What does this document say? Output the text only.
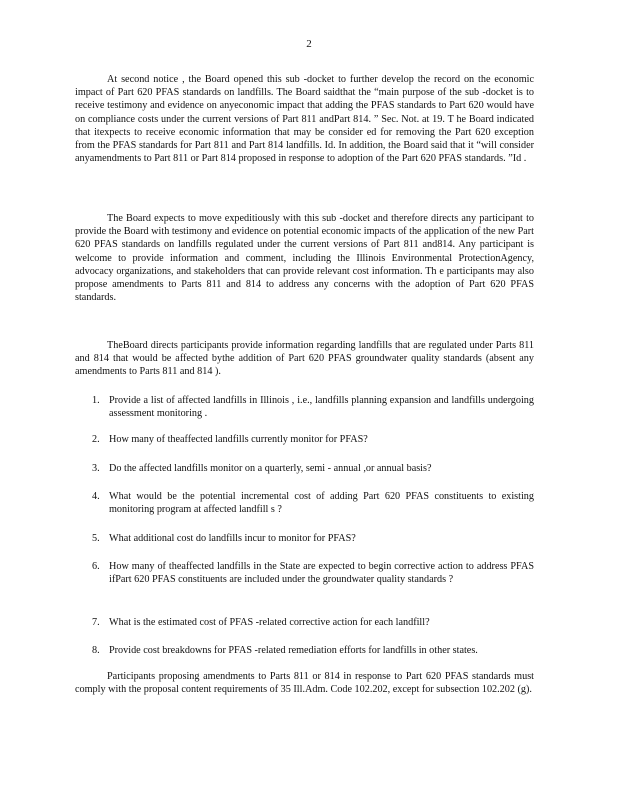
2

At second notice , the Board opened this sub -docket to further develop the record on the economic impact of Part 620 PFAS standards on landfills. The Board saidthat the “main purpose of the sub -docket is to receive testimony and evidence on anyeconomic impact that adding the PFAS standards to Part 620 would have on compliance costs under the current versions of Part 811 andPart 814. ” Sec. Not. at 19. T he Board indicated that itexpects to receive economic information that may be consider ed for removing the Part 620 exception from the PFAS standards for Part 811 and Part 814 landfills. Id. In addition, the Board said that it “will consider anyamendments to Part 811 or Part 814 proposed in response to adoption of the Part 620 PFAS standards. ”Id .

The Board expects to move expeditiously with this sub -docket and therefore directs any participant to provide the Board with testimony and evidence on potential economic impacts of the application of the new Part 620 PFAS standards on landfills regulated under the current versions of Part 811 and814. Any participant is welcome to provide information and comment, including the Illinois Environmental ProtectionAgency, advocacy organizations, and stakeholders that can provide relevant cost information. Th e participants may also propose amendments to Parts 811 and 814 to address any concerns with the adoption of Part 620 PFAS standards.

TheBoard directs participants provide information regarding landfills that are regulated under Parts 811 and 814 that would be affected bythe addition of Part 620 PFAS groundwater quality standards (absent any amendments to Parts 811 and 814 ).

1. Provide a list of affected landfills in Illinois , i.e., landfills planning expansion and landfills undergoing assessment monitoring .
2. How many of theaffected landfills currently monitor for PFAS?
3. Do the affected landfills monitor on a quarterly, semi - annual ,or annual basis?
4. What would be the potential incremental cost of adding Part 620 PFAS constituents to existing monitoring program at affected landfill s ?
5. What additional cost do landfills incur to monitor for PFAS?
6. How many of theaffected landfills in the State are expected to begin corrective action to address PFAS ifPart 620 PFAS constituents are included under the groundwater quality standards ?
7. What is the estimated cost of PFAS -related corrective action for each landfill?
8. Provide cost breakdowns for PFAS -related remediation efforts for landfills in other states.

Participants proposing amendments to Parts 811 or 814 in response to Part 620 PFAS standards must comply with the proposal content requirements of 35 Ill.Adm. Code 102.202, except for subsection 102.202 (g).
